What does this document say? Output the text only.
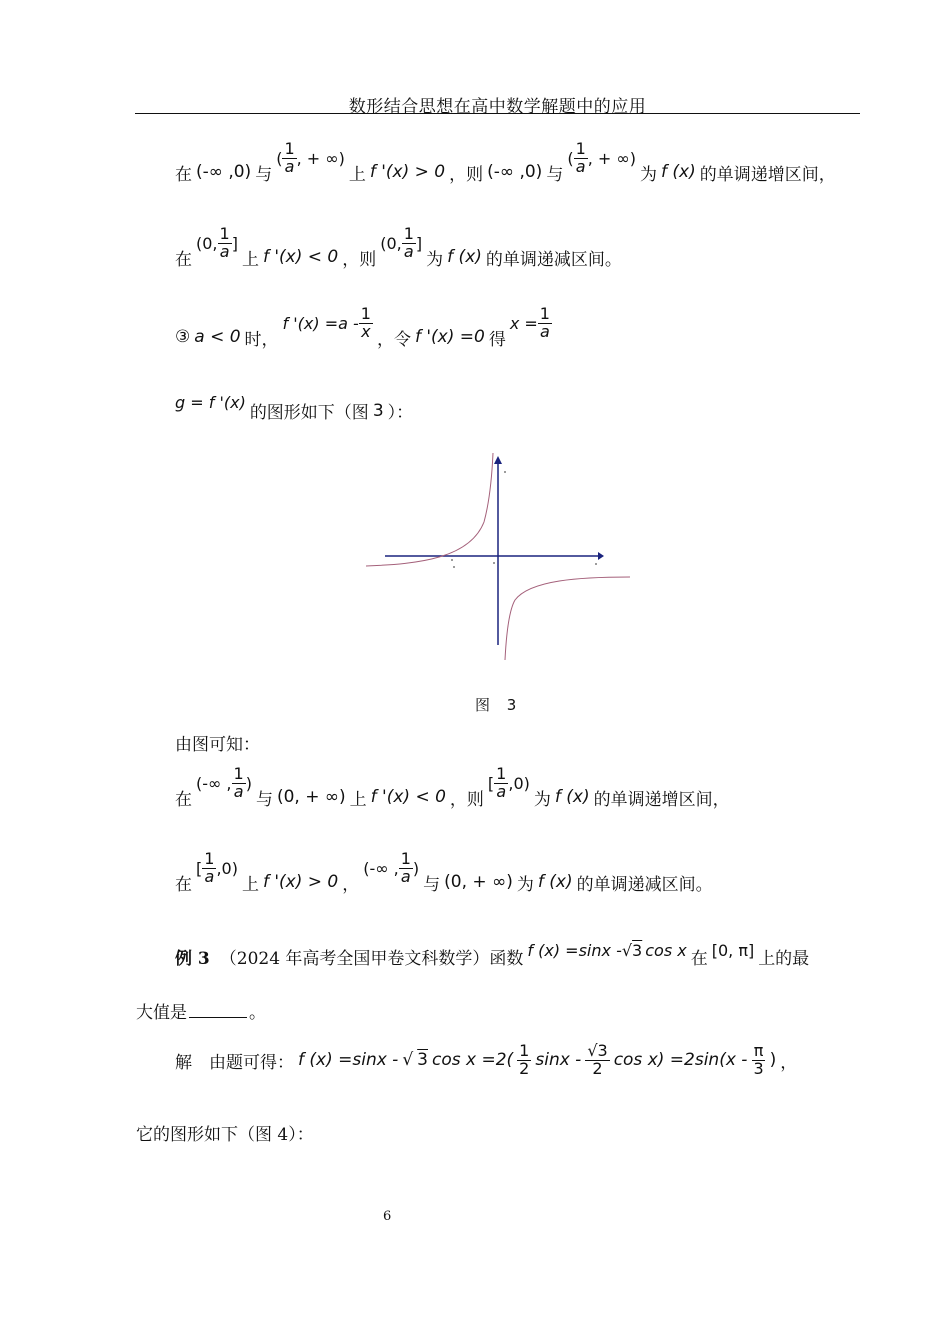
数形结合思想在高中数学解题中的应用
在 (-∞ ,0) 与
( $\frac{1}{a}$ , + ∞)
上 f '(x) > 0 ，则 (-∞ ,0) 与
( $\frac{1}{a}$ , + ∞)
为 f (x) 的单调递增区间，
在
(0, $\frac{1}{a}$ ]
上 f '(x) < 0 ，则
(0, $\frac{1}{a}$ ]
为 f (x) 的单调递减区间。
③ a < 0 时，
f '$(x) =a - \frac{1}{x}$ ，令 f '(x) =0 得
$x = \frac{1}{a}$
g = f '(x)
的图形如下（图 3 ）：
图 3
由图可知：
在
(-∞ , $\frac{1}{a}$ )
与 (0, + ∞) 上 f '(x) < 0 ，则
[ $\frac{1}{a} ,0$)
为 f (x) 的单调递增区间，
在
[ $\frac{1}{a} ,0$)
上 f '(x) > 0 ，
(-∞ , $\frac{1}{a}$ )
与 (0, + ∞) 为 f (x) 的单调递减区间。
例 3 （2024 年高考全国甲卷文科数学）函数 f (x) =sinx - √ 3 cos x 在 [0, π] 上的最
大值是	。
解　由题可得： f (x) =sinx - √ 3 $\cos x =2( \frac{1}{2}$ sinx - $\frac{√3}{2}$ $\cos x) =2\sin(x - \frac{\pi}{3}$ ) ，
它的图形如下（图 4）：
6
